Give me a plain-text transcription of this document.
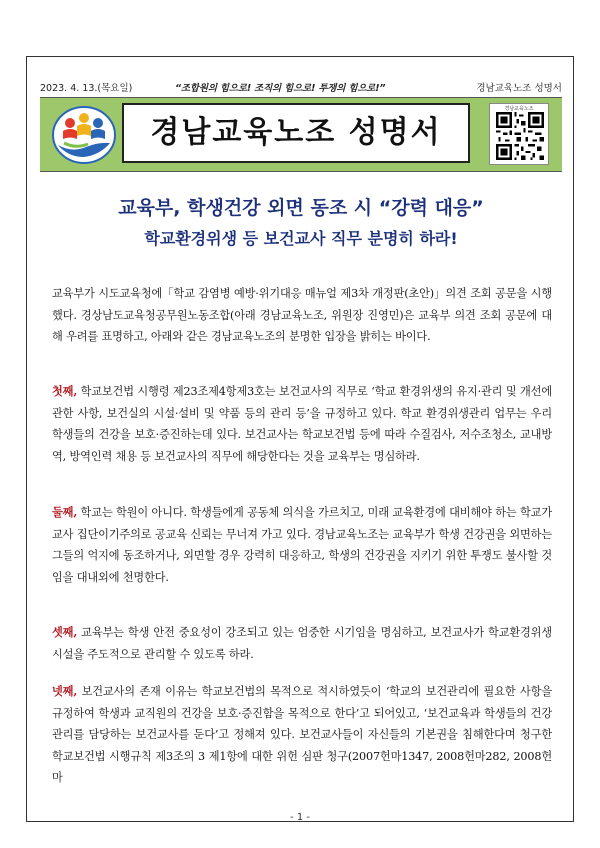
2023. 4. 13.(목요일)	“조합원의 힘으로! 조직의 힘으로! 투쟁의 힘으로!”	경남교육노조 성명서
경남교육노조 성명서
경남교육노조
교육부, 학생건강 외면 동조 시 “강력 대응”
학교환경위생 등 보건교사 직무 분명히 하라!
교육부가 시도교육청에「학교 감염병 예방·위기대응 매뉴얼 제3차 개정판(초안)」의견 조회 공문을 시행했다. 경상남도교육청공무원노동조합(아래 경남교육노조, 위원장 진영민)은 교육부 의견 조회 공문에 대해 우려를 표명하고, 아래와 같은 경남교육노조의 분명한 입장을 밝히는 바이다.
첫째, 학교보건법 시행령 제23조제4항제3호는 보건교사의 직무로 ‘학교 환경위생의 유지·관리 및 개선에 관한 사항, 보건실의 시설·설비 및 약품 등의 관리 등’을 규정하고 있다. 학교 환경위생관리 업무는 우리 학생들의 건강을 보호·증진하는데 있다. 보건교사는 학교보건법 등에 따라 수질검사, 저수조청소, 교내방역, 방역인력 채용 등 보건교사의 직무에 해당한다는 것을 교육부는 명심하라.
둘째, 학교는 학원이 아니다. 학생들에게 공동체 의식을 가르치고, 미래 교육환경에 대비해야 하는 학교가 교사 집단이기주의로 공교육 신뢰는 무너져 가고 있다. 경남교육노조는 교육부가 학생 건강권을 외면하는 그들의 억지에 동조하거나, 외면할 경우 강력히 대응하고, 학생의 건강권을 지키기 위한 투쟁도 불사할 것임을 대내외에 천명한다.
셋째, 교육부는 학생 안전 중요성이 강조되고 있는 엄중한 시기임을 명심하고, 보건교사가 학교환경위생 시설을 주도적으로 관리할 수 있도록 하라.
넷째, 보건교사의 존재 이유는 학교보건법의 목적으로 적시하였듯이 ‘학교의 보건관리에 필요한 사항을 규정하여 학생과 교직원의 건강을 보호·증진함을 목적으로 한다’고 되어있고, ‘보건교육과 학생들의 건강관리를 담당하는 보건교사를 둔다’고 정해져 있다. 보건교사들이 자신들의 기본권을 침해한다며 청구한 학교보건법 시행규칙 제3조의 3 제1항에 대한 위헌 심판 청구(2007헌마1347, 2008헌마282, 2008헌마
- 1 -
